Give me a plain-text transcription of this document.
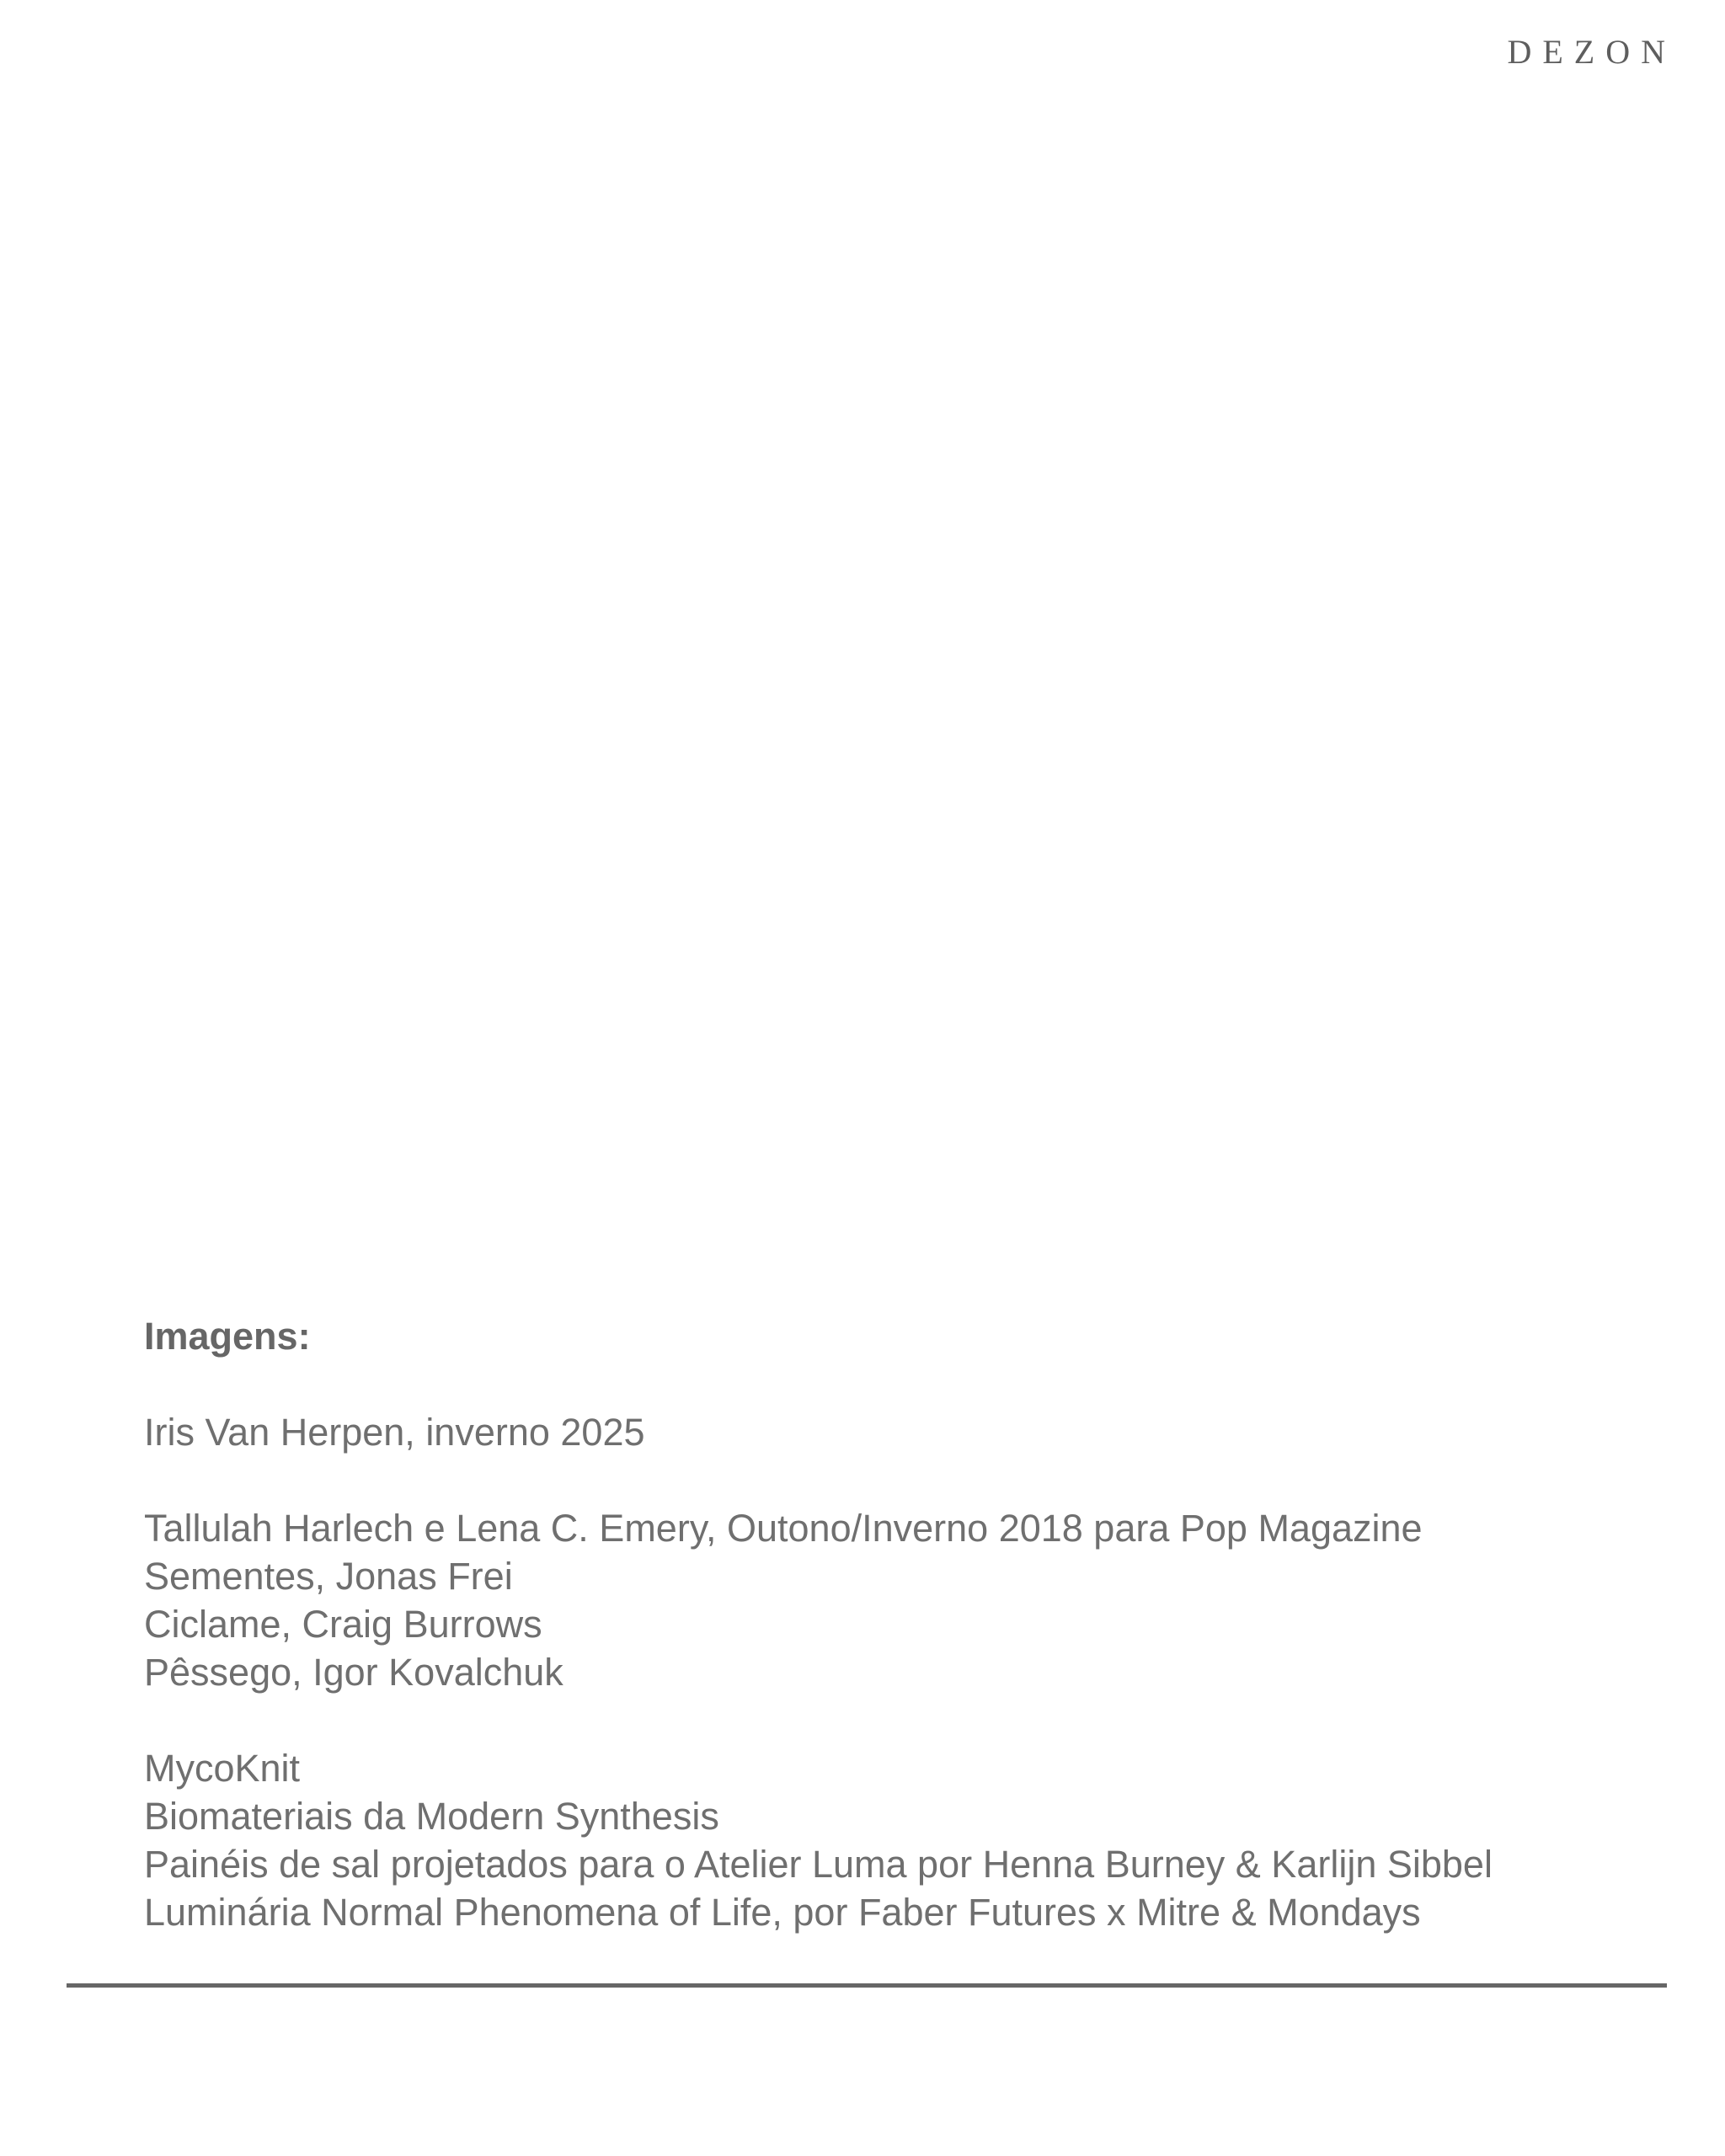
DEZON
Imagens:
Iris Van Herpen, inverno 2025
Tallulah Harlech e Lena C. Emery, Outono/Inverno 2018 para Pop Magazine
Sementes, Jonas Frei
Ciclame, Craig Burrows
Pêssego, Igor Kovalchuk
MycoKnit
Biomateriais da Modern Synthesis
Painéis de sal projetados para o Atelier Luma por Henna Burney & Karlijn Sibbel
Luminária Normal Phenomena of Life, por Faber Futures x Mitre & Mondays
